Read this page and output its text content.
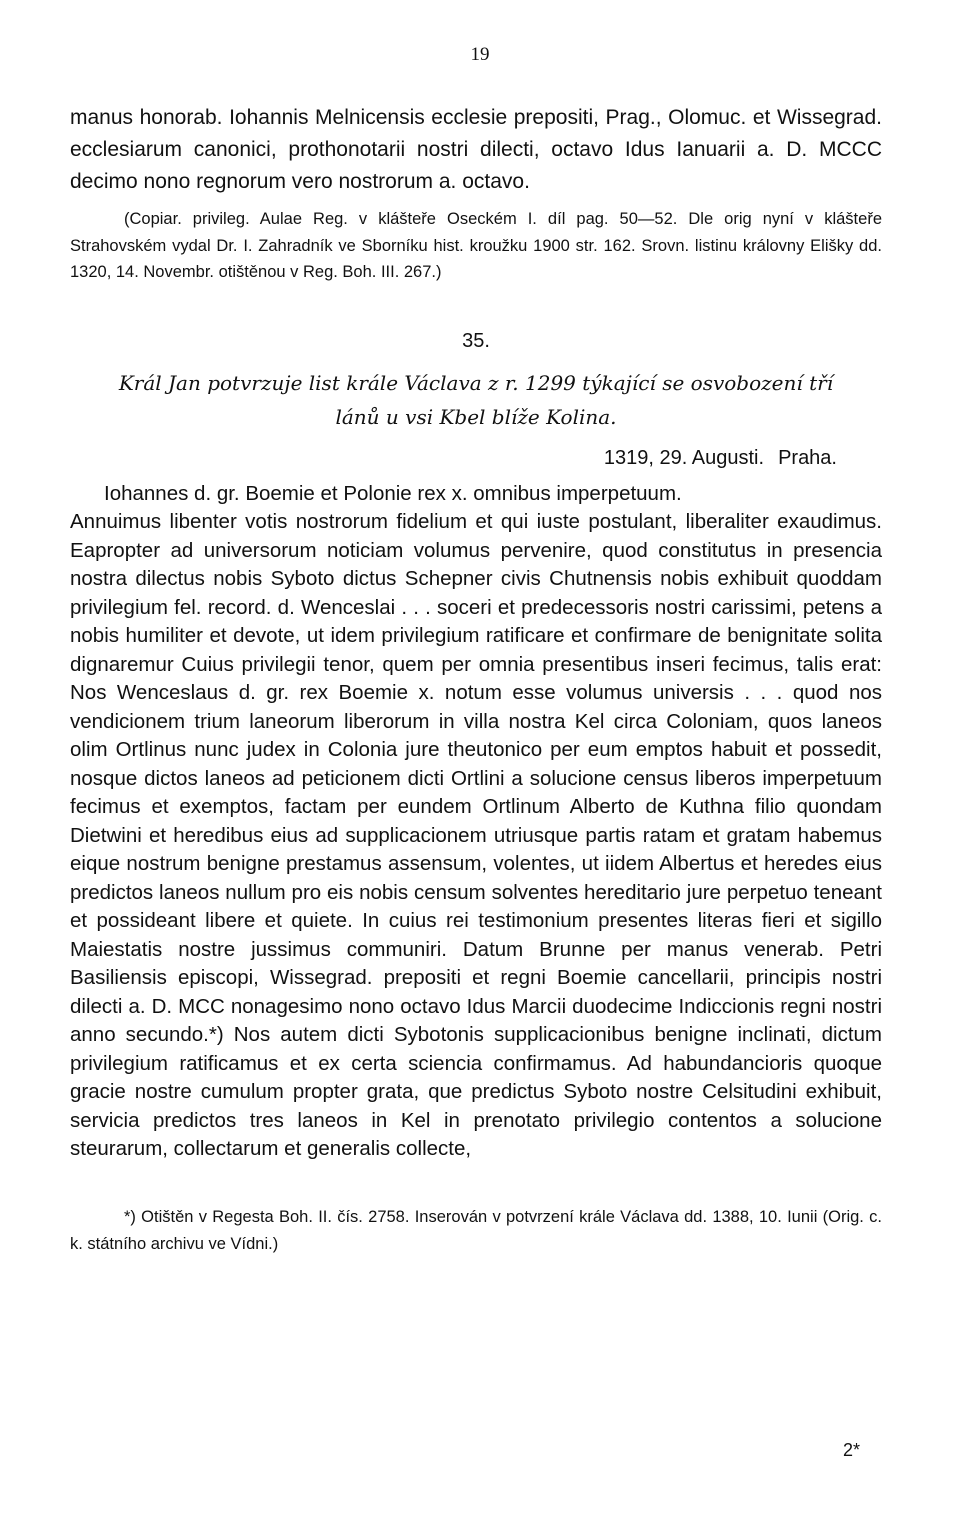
19

manus honorab. Iohannis Melnicensis ecclesie prepositi, Prag., Olomuc. et Wissegrad. ecclesiarum canonici, prothonotarii nostri dilecti, octavo Idus Ianuarii a. D. MCCC decimo nono regnorum vero nostrorum a. octavo.

(Copiar. privileg. Aulae Reg. v klášteře Oseckém I. díl pag. 50—52. Dle orig nyní v klášteře Strahovském vydal Dr. I. Zahradník ve Sborníku hist. kroužku 1900 str. 162. Srovn. listinu královny Elišky dd. 1320, 14. Novembr. otištěnou v Reg. Boh. III. 267.)

35.
Král Jan potvrzuje list krále Václava z r. 1299 týkající se osvobození tří lánů u vsi Kbel blíže Kolina.
1319, 29. Augusti. Praha.
Iohannes d. gr. Boemie et Polonie rex x. omnibus imperpetuum.
Annuimus libenter votis nostrorum fidelium et qui iuste postulant, liberaliter exaudimus. Eapropter ad universorum noticiam volumus pervenire, quod constitutus in presencia nostra dilectus nobis Syboto dictus Schepner civis Chutnensis nobis exhibuit quoddam privilegium fel. record. d. Wenceslai . . . soceri et predecessoris nostri carissimi, petens a nobis humiliter et devote, ut idem privilegium ratificare et confirmare de benignitate solita dignaremur Cuius privilegii tenor, quem per omnia presentibus inseri fecimus, talis erat: Nos Wenceslaus d. gr. rex Boemie x. notum esse volumus universis . . . quod nos vendicionem trium laneorum liberorum in villa nostra Kel circa Coloniam, quos laneos olim Ortlinus nunc judex in Colonia jure theutonico per eum emptos habuit et possedit, nosque dictos laneos ad peticionem dicti Ortlini a solucione census liberos imperpetuum fecimus et exemptos, factam per eundem Ortlinum Alberto de Kuthna filio quondam Dietwini et heredibus eius ad supplicacionem utriusque partis ratam et gratam habemus eique nostrum benigne prestamus assensum, volentes, ut iidem Albertus et heredes eius predictos laneos nullum pro eis nobis censum solventes hereditario jure perpetuo teneant et possideant libere et quiete. In cuius rei testimonium presentes literas fieri et sigillo Maiestatis nostre jussimus communiri. Datum Brunne per manus venerab. Petri Basiliensis episcopi, Wissegrad. prepositi et regni Boemie cancellarii, principis nostri dilecti a. D. MCC nonagesimo nono octavo Idus Marcii duodecime Indiccionis regni nostri anno secundo.*) Nos autem dicti Sybotonis supplicacionibus benigne inclinati, dictum privilegium ratificamus et ex certa sciencia confirmamus. Ad habundancioris quoque gracie nostre cumulum propter grata, que predictus Syboto nostre Celsitudini exhibuit, servicia predictos tres laneos in Kel in prenotato privilegio contentos a solucione steurarum, collectarum et generalis collecte,

*) Otištěn v Regesta Boh. II. čís. 2758. Inserován v potvrzení krále Václava dd. 1388, 10. Iunii (Orig. c. k. státního archivu ve Vídni.)

2*
